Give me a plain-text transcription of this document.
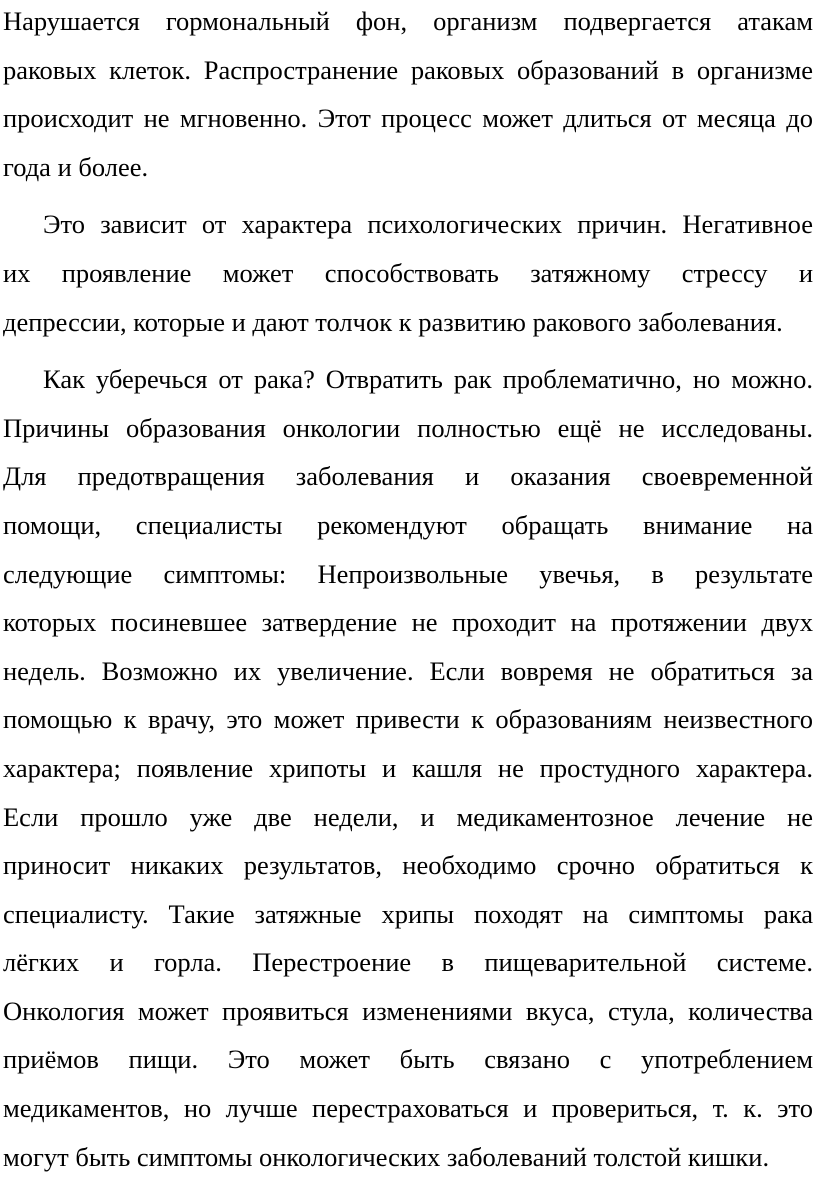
Нарушается гормональный фон, организм подвергается атакам
раковых клеток. Распространение раковых образований в организме
происходит не мгновенно. Этот процесс может длиться от месяца до
года и более.

Это зависит от характера психологических причин. Негативное
их проявление может способствовать затяжному стрессу и
депрессии, которые и дают толчок к развитию ракового заболевания.

Как уберечься от рака? Отвратить рак проблематично, но можно.
Причины образования онкологии полностью ещё не исследованы.
Для предотвращения заболевания и оказания своевременной
помощи, специалисты рекомендуют обращать внимание на
следующие симптомы: Непроизвольные увечья, в результате
которых посиневшее затвердение не проходит на протяжении двух
недель. Возможно их увеличение. Если вовремя не обратиться за
помощью к врачу, это может привести к образованиям неизвестного
характера; появление хрипоты и кашля не простудного характера.
Если прошло уже две недели, и медикаментозное лечение не
приносит никаких результатов, необходимо срочно обратиться к
специалисту. Такие затяжные хрипы походят на симптомы рака
лёгких и горла. Перестроение в пищеварительной системе.
Онкология может проявиться изменениями вкуса, стула, количества
приёмов пищи. Это может быть связано с употреблением
медикаментов, но лучше перестраховаться и провериться, т. к. это
могут быть симптомы онкологических заболеваний толстой кишки.
